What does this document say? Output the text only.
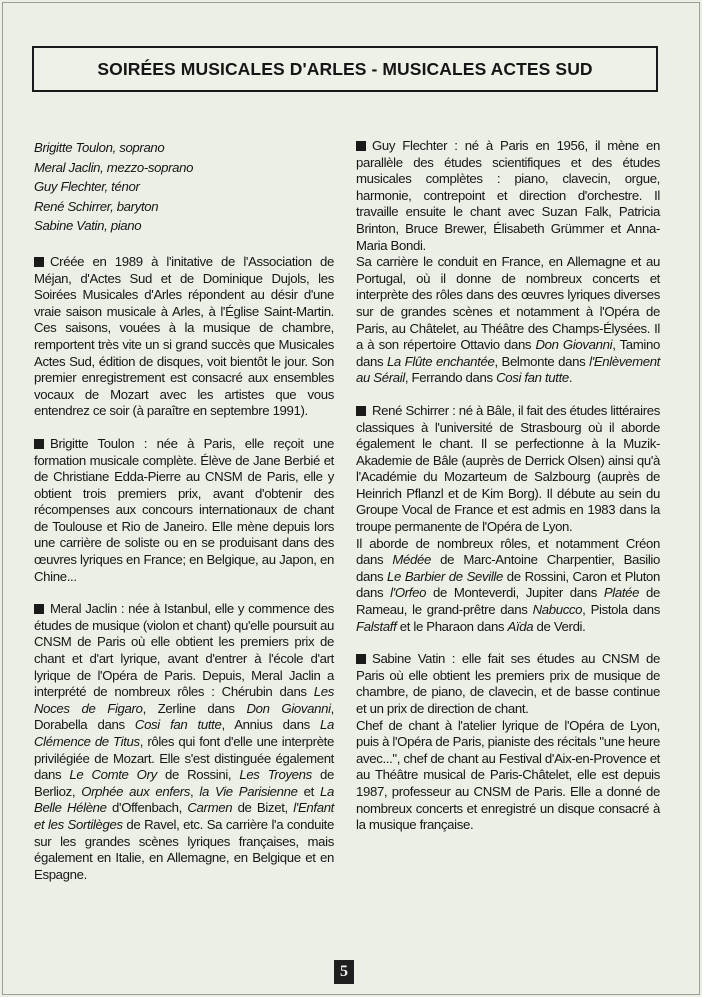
SOIRÉES MUSICALES D'ARLES - MUSICALES ACTES SUD
Brigitte Toulon, soprano
Meral Jaclin, mezzo-soprano
Guy Flechter, ténor
René Schirrer, baryton
Sabine Vatin, piano

Créée en 1989 à l'initative de l'Association de Méjan, d'Actes Sud et de Dominique Dujols, les Soirées Musicales d'Arles répondent au désir d'une vraie saison musicale à Arles, à l'Église Saint-Martin. Ces saisons, vouées à la musique de chambre, remportent très vite un si grand succès que Musicales Actes Sud, édition de disques, voit bientôt le jour. Son premier enregistrement est consacré aux ensembles vocaux de Mozart avec les artistes que vous entendrez ce soir (à paraître en septembre 1991).

Brigitte Toulon : née à Paris, elle reçoit une formation musicale complète. Élève de Jane Berbié et de Christiane Edda-Pierre au CNSM de Paris, elle y obtient trois premiers prix, avant d'obtenir des récompenses aux concours internationaux de chant de Toulouse et Rio de Janeiro. Elle mène depuis lors une carrière de soliste ou en se produisant dans des œuvres lyriques en France; en Belgique, au Japon, en Chine...

Meral Jaclin : née à Istanbul, elle y commence des études de musique (violon et chant) qu'elle poursuit au CNSM de Paris où elle obtient les premiers prix de chant et d'art lyrique, avant d'entrer à l'école d'art lyrique de l'Opéra de Paris. Depuis, Meral Jaclin a interprété de nombreux rôles : Chérubin dans Les Noces de Figaro, Zerline dans Don Giovanni, Dorabella dans Cosi fan tutte, Annius dans La Clémence de Titus, rôles qui font d'elle une interprète privilégiée de Mozart. Elle s'est distinguée également dans Le Comte Ory de Rossini, Les Troyens de Berlioz, Orphée aux enfers, la Vie Parisienne et La Belle Hélène d'Offenbach, Carmen de Bizet, l'Enfant et les Sortilèges de Ravel, etc. Sa carrière l'a conduite sur les grandes scènes lyriques françaises, mais également en Italie, en Allemagne, en Belgique et en Espagne.

Guy Flechter : né à Paris en 1956, il mène en parallèle des études scientifiques et des études musicales complètes : piano, clavecin, orgue, harmonie, contrepoint et direction d'orchestre. Il travaille ensuite le chant avec Suzan Falk, Patricia Brinton, Bruce Brewer, Élisabeth Grümmer et Anna-Maria Bondi.

Sa carrière le conduit en France, en Allemagne et au Portugal, où il donne de nombreux concerts et interprète des rôles dans des œuvres lyriques diverses sur de grandes scènes et notamment à l'Opéra de Paris, au Châtelet, au Théâtre des Champs-Élysées. Il a à son répertoire Ottavio dans Don Giovanni, Tamino dans La Flûte enchantée, Belmonte dans l'Enlèvement au Sérail, Ferrando dans Cosi fan tutte.

René Schirrer : né à Bâle, il fait des études littéraires classiques à l'université de Strasbourg où il aborde également le chant. Il se perfectionne à la Muzik-Akademie de Bâle (auprès de Derrick Olsen) ainsi qu'à l'Académie du Mozarteum de Salzbourg (auprès de Heinrich Pflanzl et de Kim Borg). Il débute au sein du Groupe Vocal de France et est admis en 1983 dans la troupe permanente de l'Opéra de Lyon.

Il aborde de nombreux rôles, et notamment Créon dans Médée de Marc-Antoine Charpentier, Basilio dans Le Barbier de Seville de Rossini, Caron et Pluton dans l'Orfeo de Monteverdi, Jupiter dans Platée de Rameau, le grand-prêtre dans Nabucco, Pistola dans Falstaff et le Pharaon dans Aïda de Verdi.

Sabine Vatin : elle fait ses études au CNSM de Paris où elle obtient les premiers prix de musique de chambre, de piano, de clavecin, et de basse continue et un prix de direction de chant.

Chef de chant à l'atelier lyrique de l'Opéra de Lyon, puis à l'Opéra de Paris, pianiste des récitals "une heure avec...", chef de chant au Festival d'Aix-en-Provence et au Théâtre musical de Paris-Châtelet, elle est depuis 1987, professeur au CNSM de Paris. Elle a donné de nombreux concerts et enregistré un disque consacré à la musique française.

5
